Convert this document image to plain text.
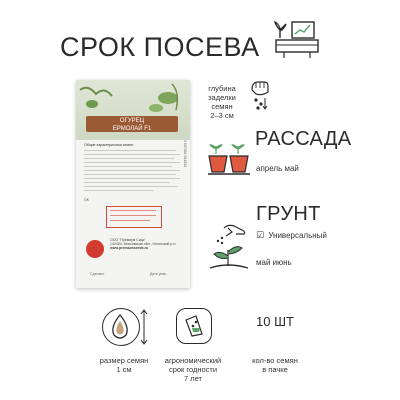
СРОК ПОСЕВА
ОГУРЕЦ
ЕРМОЛАЙ F1
Общие характеристики семян:
ОК
ООО "Премиум Сидс"
142450, Московская обл., Ногинский р-н
www.premiumseeds.ru
Сделано	Дата упак.
4 607082 641632
глубина
заделки
семян
2–3 см
РАССАДА
апрель май
ГРУНТ
☑ Универсальный
май июнь
размер семян
1 см
агрономический
срок годности
7 лет
10 ШТ
кол-во семян
в пачке
